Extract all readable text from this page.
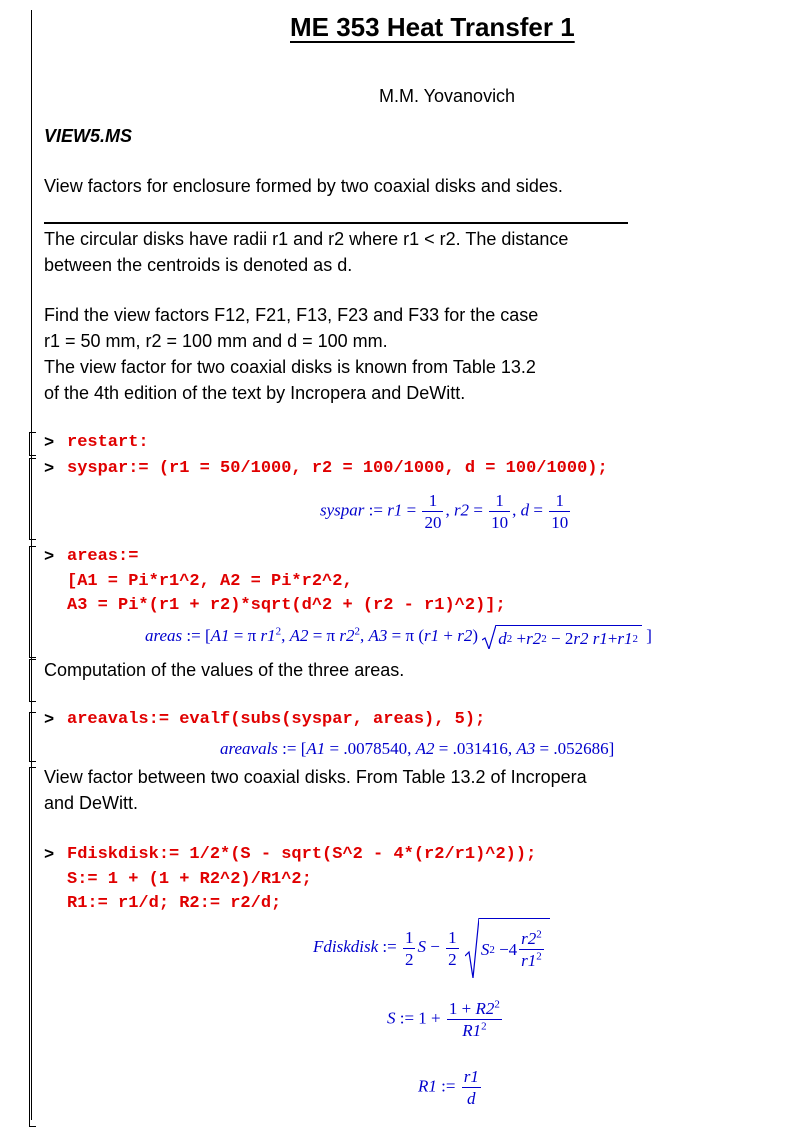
ME 353 Heat Transfer 1
M.M. Yovanovich
VIEW5.MS
View factors for enclosure formed by two coaxial disks and sides.
The circular disks have radii r1 and r2 where r1 < r2. The distance
between the centroids is denoted as d.
Find the view factors F12, F21, F13, F23 and F33 for the case
r1 = 50 mm, r2 = 100 mm and d = 100 mm.
The view factor for two coaxial disks is known from Table 13.2
of the 4th edition of the text by Incropera and DeWitt.
> restart:
> syspar:= (r1 = 50/1000, r2 = 100/1000, d = 100/1000);
syspar := $r1 = \frac{1}{20}$ , $r2 = \frac{1}{10}$ , $d = \frac{1}{10}$
> areas:=
[A1 = Pi*r1^2, A2 = Pi*r2^2,
A3 = Pi*(r1 + r2)*sqrt(d^2 + (r2 - r1)^2)];
areas := [A1 = π $r1^2$, A2 = π $r2^2$, A3 = π (r1 + r2) d 2 + r2 2 − 2 r2 r1 + r1 2 ]
Computation of the values of the three areas.
> areavals:= evalf(subs(syspar, areas), 5);
areavals := [A1 = .0078540, A2 = .031416, A3 = .052686]
View factor between two coaxial disks. From Table 13.2 of Incropera
and DeWitt.
> Fdiskdisk:= 1/2*(S - sqrt(S^2 - 4*(r2/r1)^2));
S:= 1 + (1 + R2^2)/R1^2;
R1:= r1/d; R2:= r2/d;
Fdiskdisk := $\frac{1}{2}$ $S - \frac{1}{2}$
S $2 - 4 \frac{r2^2}{r1^2}$
S := $1 + \frac{1 + R2^2}{R1^2}$
R1 := $\frac{r1}{d}$
